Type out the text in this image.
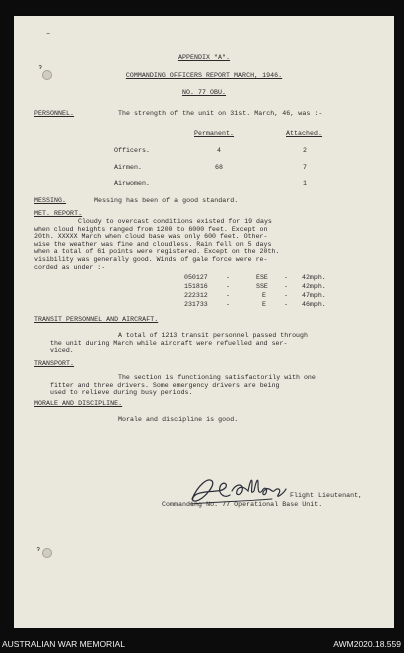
–
ɂ
ɂ
APPENDIX "A".
COMMANDING OFFICERS REPORT MARCH, 1946.
NO. 77 OBU.
PERSONNEL.	The strength of the unit on 31st. March, 46, was :-
Permanent.	Attached.
Officers.	4	2
Airmen.	68	7
Airwomen.	1
MESSING.	Messing has been of a good standard.
MET. REPORT.
Cloudy to overcast conditions existed for 19 days
when cloud heights ranged from 1200 to 6000 feet. Except on
20th. XXXXX March when cloud base was only 600 feet. Other-
wise the weather was fine and cloudless. Rain fell on 5 days
when a total of 61 points were registered. Except on the 20th.
visibility was generally good. Winds of gale force were re-
corded as under :-
050127	-	ESE - 42mph.
151816	-	SSE - 42mph.
222312	-	E	- 47mph.
231733	-	E	- 46mph.
TRANSIT PERSONNEL AND AIRCRAFT.
A total of 1213 transit personnel passed through
the unit during March while aircraft were refuelled and ser-
viced.
TRANSPORT.
The section is functioning satisfactorily with one
fitter and three drivers. Some emergency drivers are being
used to relieve during busy periods.
MORALE AND DISCIPLINE.
Morale and discipline is good.
Flight Lieutenant,
Commanding No. 77 Operational Base Unit.
AUSTRALIAN WAR MEMORIAL	AWM2020.18.559
